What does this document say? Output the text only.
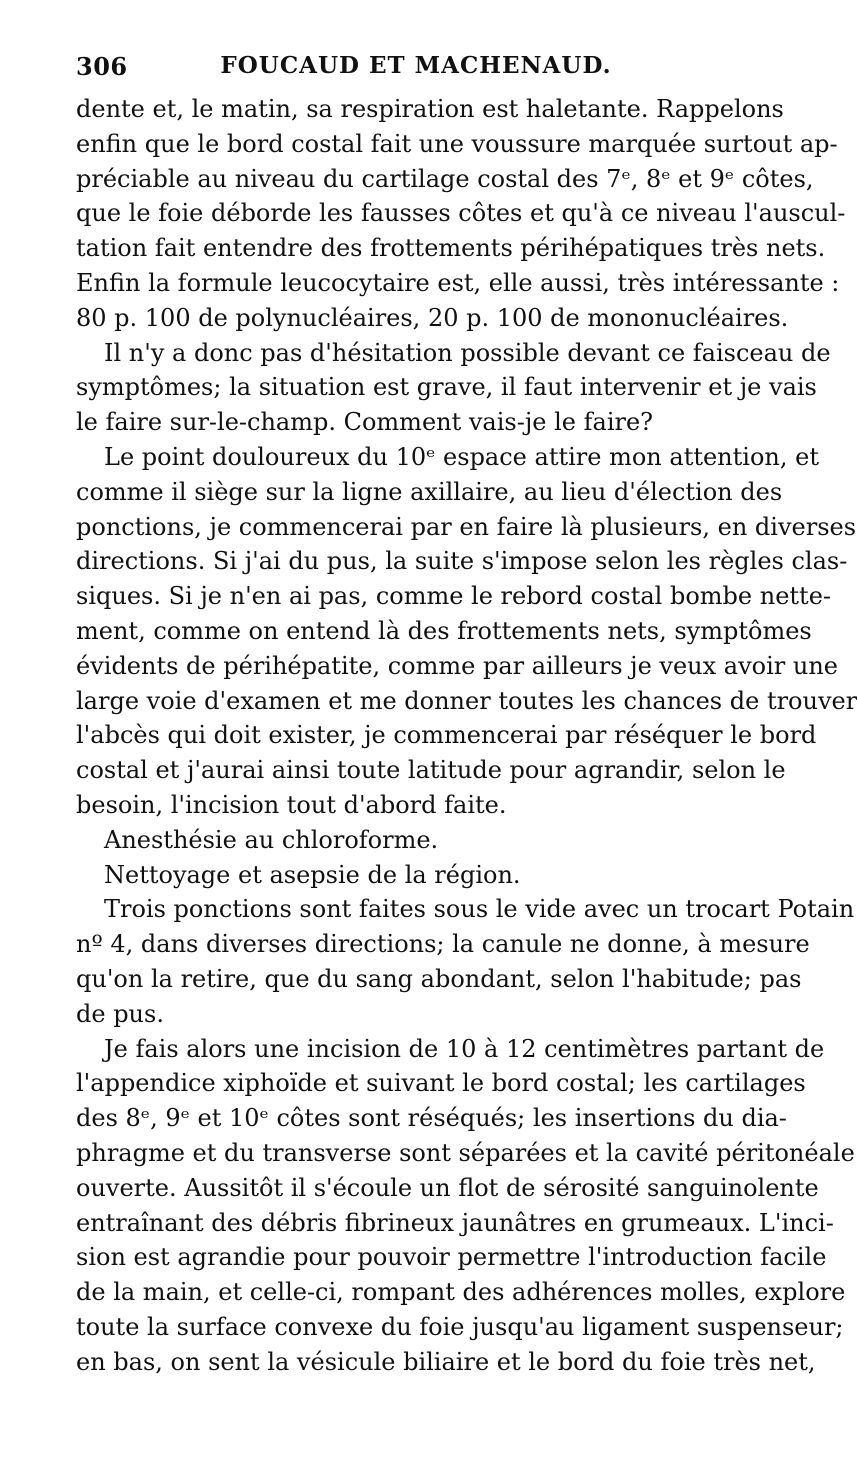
306	FOUCAUD ET MACHENAUD.
dente et, le matin, sa respiration est haletante. Rappelons
enfin que le bord costal fait une voussure marquée surtout ap-
préciable au niveau du cartilage costal des 7ᵉ, 8ᵉ et 9ᵉ côtes,
que le foie déborde les fausses côtes et qu'à ce niveau l'auscul-
tation fait entendre des frottements périhépatiques très nets.
Enfin la formule leucocytaire est, elle aussi, très intéressante :
80 p. 100 de polynucléaires, 20 p. 100 de mononucléaires.
Il n'y a donc pas d'hésitation possible devant ce faisceau de
symptômes; la situation est grave, il faut intervenir et je vais
le faire sur-le-champ. Comment vais-je le faire?
Le point douloureux du 10ᵉ espace attire mon attention, et
comme il siège sur la ligne axillaire, au lieu d'élection des
ponctions, je commencerai par en faire là plusieurs, en diverses
directions. Si j'ai du pus, la suite s'impose selon les règles clas-
siques. Si je n'en ai pas, comme le rebord costal bombe nette-
ment, comme on entend là des frottements nets, symptômes
évidents de périhépatite, comme par ailleurs je veux avoir une
large voie d'examen et me donner toutes les chances de trouver
l'abcès qui doit exister, je commencerai par réséquer le bord
costal et j'aurai ainsi toute latitude pour agrandir, selon le
besoin, l'incision tout d'abord faite.
Anesthésie au chloroforme.
Nettoyage et asepsie de la région.
Trois ponctions sont faites sous le vide avec un trocart Potain
nº 4, dans diverses directions; la canule ne donne, à mesure
qu'on la retire, que du sang abondant, selon l'habitude; pas
de pus.
Je fais alors une incision de 10 à 12 centimètres partant de
l'appendice xiphoïde et suivant le bord costal; les cartilages
des 8ᵉ, 9ᵉ et 10ᵉ côtes sont réséqués; les insertions du dia-
phragme et du transverse sont séparées et la cavité péritonéale
ouverte. Aussitôt il s'écoule un flot de sérosité sanguinolente
entraînant des débris fibrineux jaunâtres en grumeaux. L'inci-
sion est agrandie pour pouvoir permettre l'introduction facile
de la main, et celle-ci, rompant des adhérences molles, explore
toute la surface convexe du foie jusqu'au ligament suspenseur;
en bas, on sent la vésicule biliaire et le bord du foie très net,
